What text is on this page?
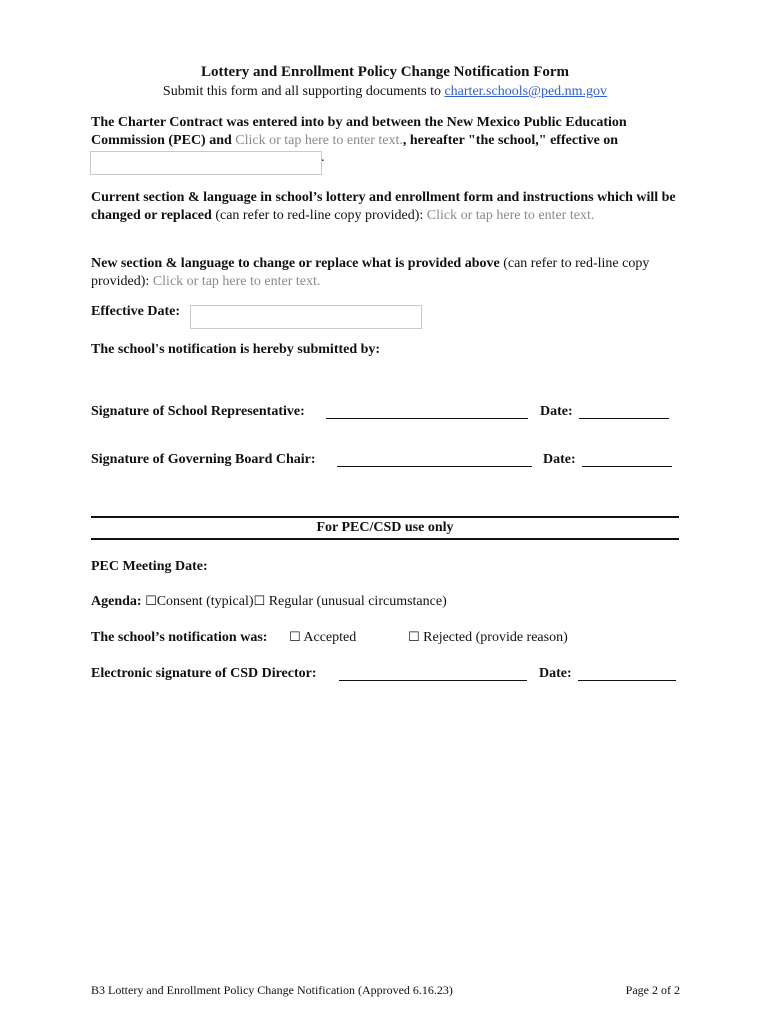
Lottery and Enrollment Policy Change Notification Form
Submit this form and all supporting documents to charter.schools@ped.nm.gov
The Charter Contract was entered into by and between the New Mexico Public Education Commission (PEC) and Click or tap here to enter text., hereafter "the school," effective on
.
Current section & language in school’s lottery and enrollment form and instructions which will be changed or replaced (can refer to red-line copy provided): Click or tap here to enter text.
New section & language to change or replace what is provided above (can refer to red-line copy provided): Click or tap here to enter text.
Effective Date:
The school's notification is hereby submitted by:
Signature of School Representative:	Date:
Signature of Governing Board Chair:	Date:
For PEC/CSD use only
PEC Meeting Date:
Agenda: ☐Consent (typical)☐ Regular (unusual circumstance)
The school’s notification was: ☐ Accepted	☐ Rejected (provide reason)
Electronic signature of CSD Director:	Date:
B3 Lottery and Enrollment Policy Change Notification (Approved 6.16.23)	Page 2 of 2
